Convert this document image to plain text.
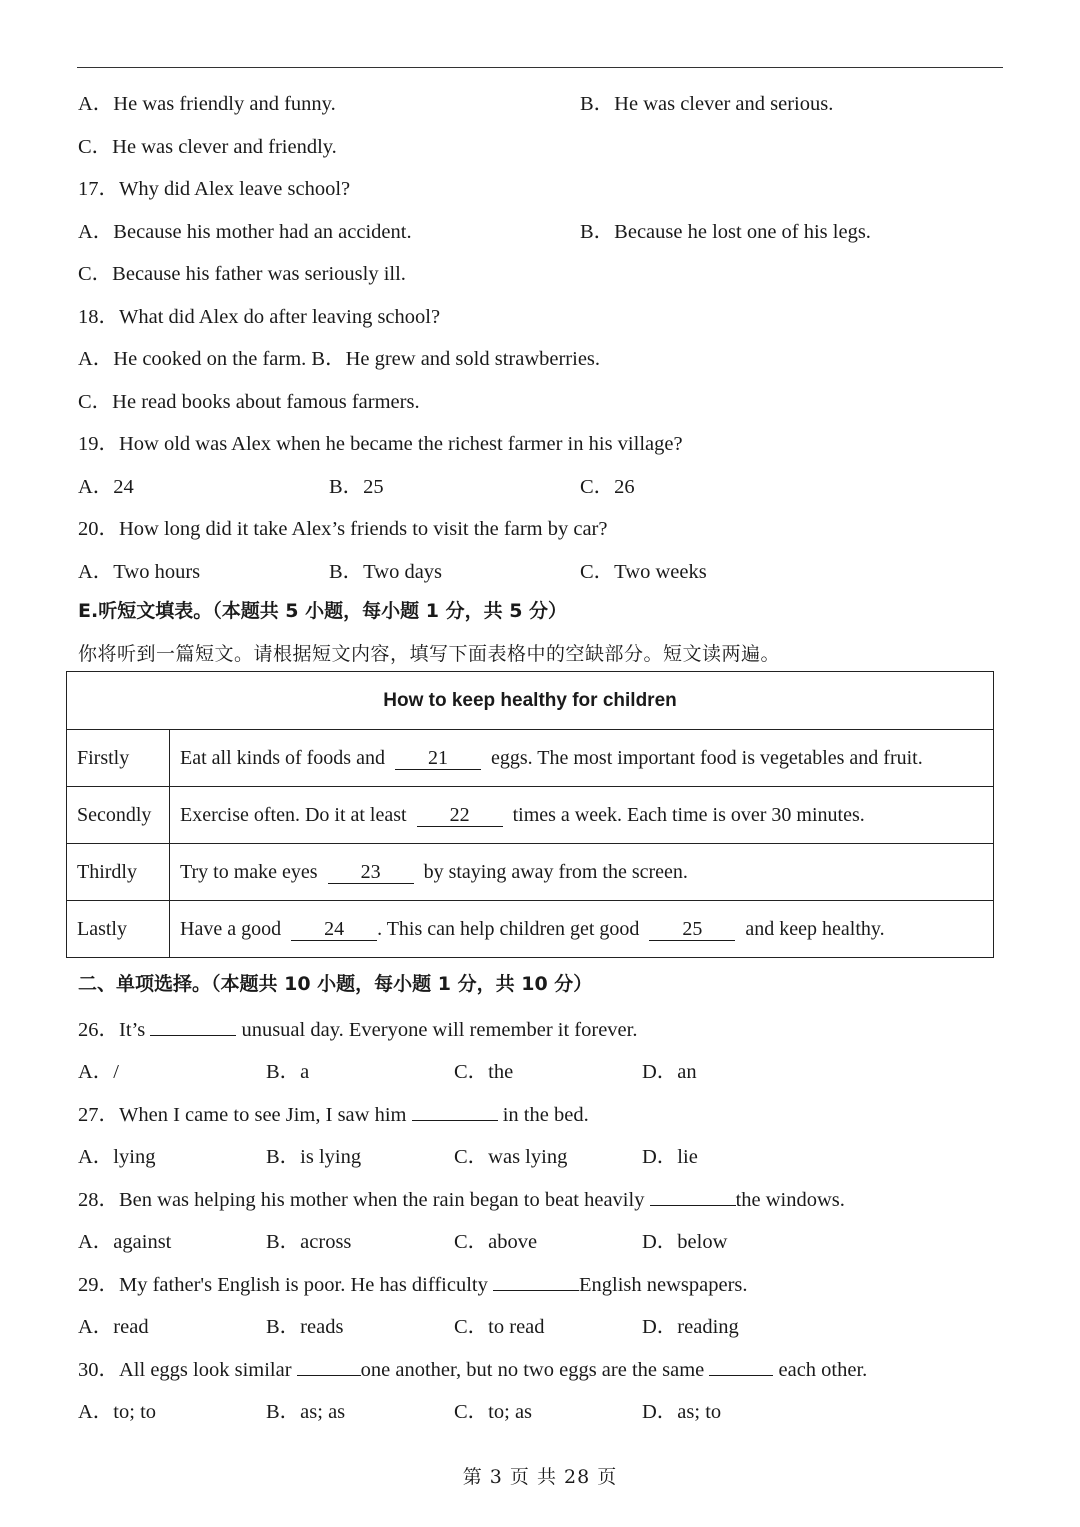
A．He was friendly and funny.	B．He was clever and serious.
C．He was clever and friendly.
17．Why did Alex leave school?
A．Because his mother had an accident.	B．Because he lost one of his legs.
C．Because his father was seriously ill.
18．What did Alex do after leaving school?
A．He cooked on the farm. B．He grew and sold strawberries.
C．He read books about famous farmers.
19．How old was Alex when he became the richest farmer in his village?
A．24	B．25	C．26
20．How long did it take Alex’s friends to visit the farm by car?
A．Two hours	B．Two days	C．Two weeks
E.听短文填表。（本题共 5 小题，每小题 1 分，共 5 分）
你将听到一篇短文。请根据短文内容，填写下面表格中的空缺部分。短文读两遍。
How to keep healthy for children	
Firstly	Eat all kinds of foods and 21 eggs. The most important food is vegetables and fruit.
Secondly	Exercise often. Do it at least 22 times a week. Each time is over 30 minutes.
Thirdly	Try to make eyes 23 by staying away from the screen.
Lastly	Have a good 24 . This can help children get good 25 and keep healthy.
二、单项选择。（本题共 10 小题，每小题 1 分，共 10 分）
26．It’s	unusual day. Everyone will remember it forever.
A．/	B．a	C．the	D．an
27．When I came to see Jim, I saw him	in the bed.
A．lying	B．is lying	C．was lying	D．lie
28．Ben was helping his mother when the rain began to beat heavily	the windows.
A．against	B．across	C．above	D．below
29．My father's English is poor. He has difficulty	English newspapers.
A．read	B．reads	C．to read	D．reading
30．All eggs look similar	one another, but no two eggs are the same	each other.
A．to; to	B．as; as	C．to; as	D．as; to
第 3 页 共 28 页
